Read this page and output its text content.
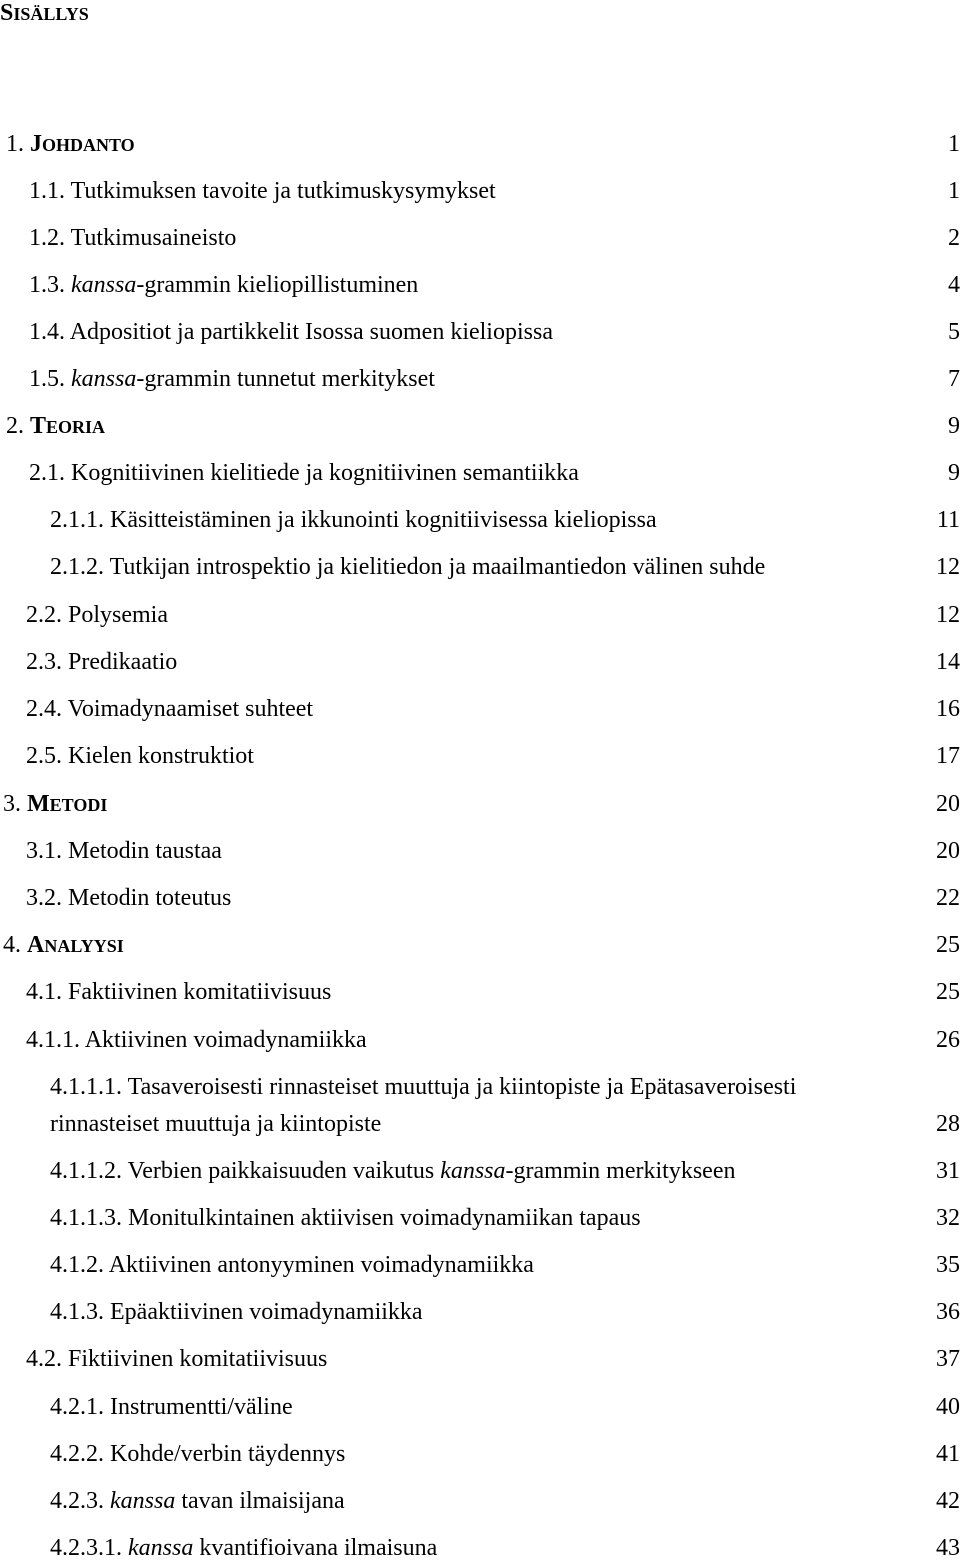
SISÄLLYS
1. JOHDANTO	1
1.1. Tutkimuksen tavoite ja tutkimuskysymykset	1
1.2. Tutkimusaineisto	2
1.3. kanssa-grammin kieliopillistuminen	4
1.4. Adpositiot ja partikkelit Isossa suomen kieliopissa	5
1.5. kanssa-grammin tunnetut merkitykset	7
2. TEORIA	9
2.1. Kognitiivinen kielitiede ja kognitiivinen semantiikka	9
2.1.1. Käsitteistäminen ja ikkunointi kognitiivisessa kieliopissa	11
2.1.2. Tutkijan introspektio ja kielitiedon ja maailmantiedon välinen suhde	12
2.2. Polysemia	12
2.3. Predikaatio	14
2.4. Voimadynaamiset suhteet	16
2.5. Kielen konstruktiot	17
3. METODI	20
3.1. Metodin taustaa	20
3.2. Metodin toteutus	22
4. ANALYYSI	25
4.1. Faktiivinen komitatiivisuus	25
4.1.1. Aktiivinen voimadynamiikka	26
4.1.1.1. Tasaveroisesti rinnasteiset muuttuja ja kiintopiste ja Epätasaveroisesti
rinnasteiset muuttuja ja kiintopiste	28
4.1.1.2. Verbien paikkaisuuden vaikutus kanssa-grammin merkitykseen	31
4.1.1.3. Monitulkintainen aktiivisen voimadynamiikan tapaus	32
4.1.2. Aktiivinen antonyyminen voimadynamiikka	35
4.1.3. Epäaktiivinen voimadynamiikka	36
4.2. Fiktiivinen komitatiivisuus	37
4.2.1. Instrumentti/väline	40
4.2.2. Kohde/verbin täydennys	41
4.2.3. kanssa tavan ilmaisijana	42
4.2.3.1. kanssa kvantifioivana ilmaisuna	43
